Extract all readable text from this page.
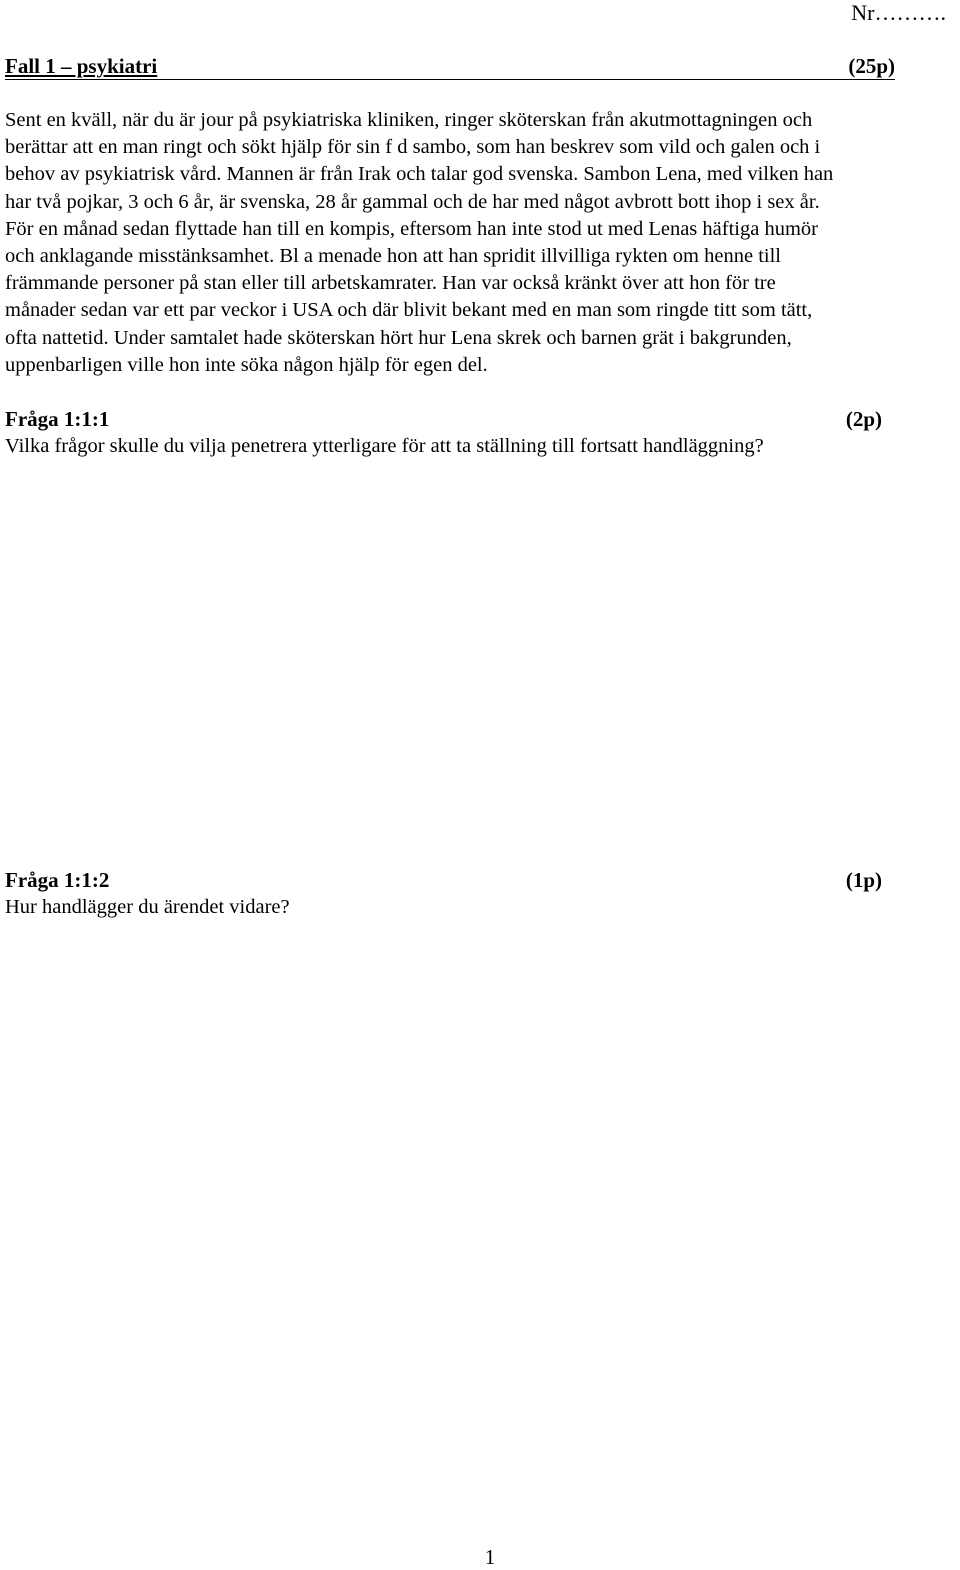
Nr……….
Fall 1 – psykiatri	(25p)

Sent en kväll, när du är jour på psykiatriska kliniken, ringer sköterskan från akutmottagningen och
berättar att en man ringt och sökt hjälp för sin f d sambo, som han beskrev som vild och galen och i
behov av psykiatrisk vård. Mannen är från Irak och talar god svenska. Sambon Lena, med vilken han
har två pojkar, 3 och 6 år, är svenska, 28 år gammal och de har med något avbrott bott ihop i sex år.
För en månad sedan flyttade han till en kompis, eftersom han inte stod ut med Lenas häftiga humör
och anklagande misstänksamhet. Bl a menade hon att han spridit illvilliga rykten om henne till
främmande personer på stan eller till arbetskamrater. Han var också kränkt över att hon för tre
månader sedan var ett par veckor i USA och där blivit bekant med en man som ringde titt som tätt,
ofta nattetid. Under samtalet hade sköterskan hört hur Lena skrek och barnen grät i bakgrunden,
uppenbarligen ville hon inte söka någon hjälp för egen del.

Fråga 1:1:1	(2p)
Vilka frågor skulle du vilja penetrera ytterligare för att ta ställning till fortsatt handläggning?
Fråga 1:1:2	(1p)
Hur handlägger du ärendet vidare?
1
